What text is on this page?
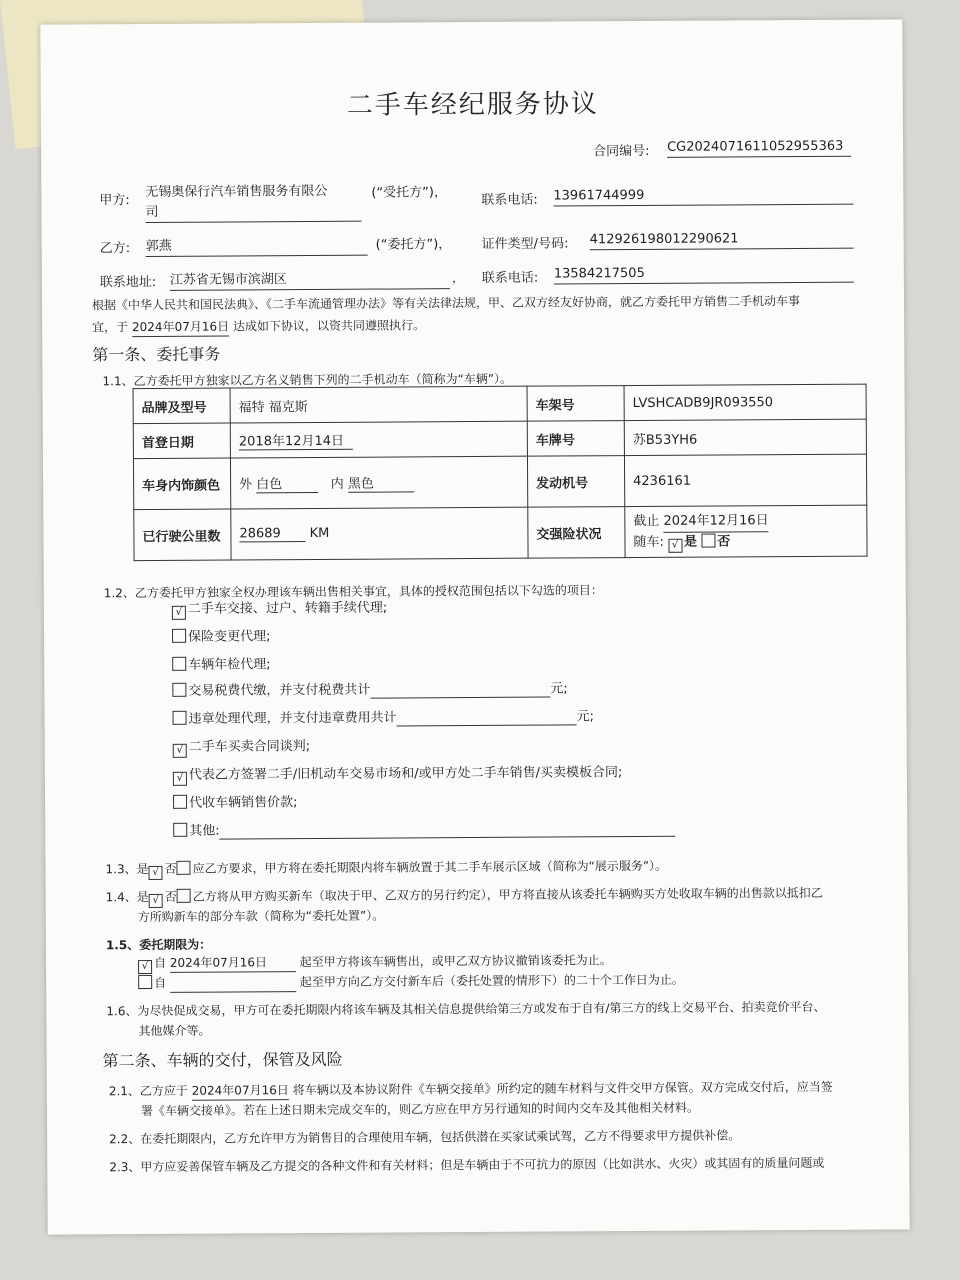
二手车经纪服务协议
合同编号: CG20240716110529553​63
甲方:
无锡奥保行汽车销售服务有限公
司
(“受托方”)，	联系电话: 13961744999
乙方: 郭燕	(“委托方”)， 证件类型/号码: 412926198012290621
联系地址: 江苏省无锡市滨湖区	， 联系电话: 13584217505
根据《中华人民共和国民法典》、《二手车流通管理办法》等有关法律法规，甲、乙双方经友好协商，就乙方委托甲方销售二手机动车事
宜，于 2024年07月16日 达成如下协议，以资共同遵照执行。
第一条、委托事务
1.1、乙方委托甲方独家以乙方名义销售下列的二手机动车（简称为“车辆”）。
品牌及型号	福特 福克斯	车架号	LVSHCADB9JR093550
首登日期	2018年12月14日	车牌号	苏B53YH6
车身内饰颜色	外 白色 内 黑色	发动机号	4236161
已行驶公里数	28689 KM	交强险状况	截止 2024年12月16日
随车: √ 是 否
1.2、乙方委托甲方独家全权办理该车辆出售相关事宜，具体的授权范围包括以下勾选的项目：
√ 二手车交接、过户、转籍手续代理;
保险变更代理;
车辆年检代理;
交易税费代缴，并支付税费共计	元;
违章处理代理，并支付违章费用共计	元;
√ 二手车买卖合同谈判;
√ 代表乙方签署二手/旧机动车交易市场和/或甲方处二手车销售/买卖模板合同;
代收车辆销售价款;
其他:
1.3、是 √ 否 应乙方要求，甲方将在委托期限内将车辆放置于其二手车展示区域（简称为“展示服务”）。
1.4、是 √ 否 乙方将从甲方购买新车（取决于甲、乙双方的另行约定），甲方将直接从该委托车辆购买方处收取车辆的出售款以抵扣乙
方所购新车的部分车款（简称为“委托处置”）。
1.5、委托期限为：
√ 自 2024年07月16日	起至甲方将该车辆售出，或甲乙双方协议撤销该委托为止。
自	起至甲方向乙方交付新车后（委托处置的情形下）的二十个工作日为止。
1.6、为尽快促成交易，甲方可在委托期限内将该车辆及其相关信息提供给第三方或发布于自有/第三方的线上交易平台、拍卖竞价平台、
其他媒介等。
第二条、车辆的交付，保管及风险
2.1、乙方应于 2024年07月16日 将车辆以及本协议附件《车辆交接单》所约定的随车材料与文件交甲方保管。双方完成交付后，应当签
署《车辆交接单》。若在上述日期未完成交车的，则乙方应在甲方另行通知的时间内交车及其他相关材料。
2.2、在委托期限内，乙方允许甲方为销售目的合理使用车辆，包括供潜在买家试乘试驾，乙方不得要求甲方提供补偿。
2.3、甲方应妥善保管车辆及乙方提交的各种文件和有关材料；但是车辆由于不可抗力的原因（比如洪水、火灾）或其固有的质量问题或
